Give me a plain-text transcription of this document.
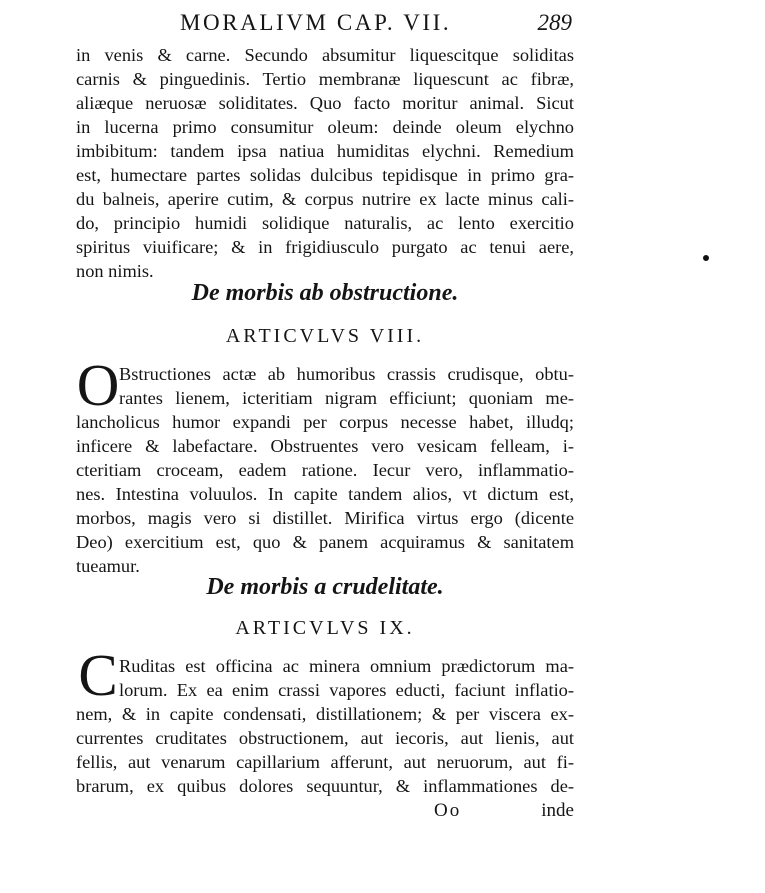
MORALIVM CAP. VII.	289
in venis & carne. Secundo absumitur liquescitque soliditas
carnis & pinguedinis. Tertio membranæ liquescunt ac fibræ,
aliæque neruosæ soliditates. Quo facto moritur animal. Sicut
in lucerna primo consumitur oleum: deinde oleum elychno
imbibitum: tandem ipsa natiua humiditas elychni. Remedium
est, humectare partes solidas dulcibus tepidisque in primo gra-
du balneis, aperire cutim, & corpus nutrire ex lacte minus cali-
do, principio humidi solidique naturalis, ac lento exercitio
spiritus viuificare; & in frigidiusculo purgato ac tenui aere,
non nimis.
De morbis ab obstructione.
ARTICVLVS VIII.
O Bstructiones actæ ab humoribus crassis crudisque, obtu-
rantes lienem, icteritiam nigram efficiunt; quoniam me-
lancholicus humor expandi per corpus necesse habet, illudq;
inficere & labefactare. Obstruentes vero vesicam felleam, i-
cteritiam croceam, eadem ratione. Iecur vero, inflammatio-
nes. Intestina voluulos. In capite tandem alios, vt dictum est,
morbos, magis vero si distillet. Mirifica virtus ergo (dicente
Deo) exercitium est, quo & panem acquiramus & sanitatem
tueamur.
De morbis a crudelitate.
ARTICVLVS IX.
C Ruditas est officina ac minera omnium prædictorum ma-
lorum. Ex ea enim crassi vapores educti, faciunt inflatio-
nem, & in capite condensati, distillationem; & per viscera ex-
currentes cruditates obstructionem, aut iecoris, aut lienis, aut
fellis, aut venarum capillarium afferunt, aut neruorum, aut fi-
brarum, ex quibus dolores sequuntur, & inflammationes de-
Oo	inde
